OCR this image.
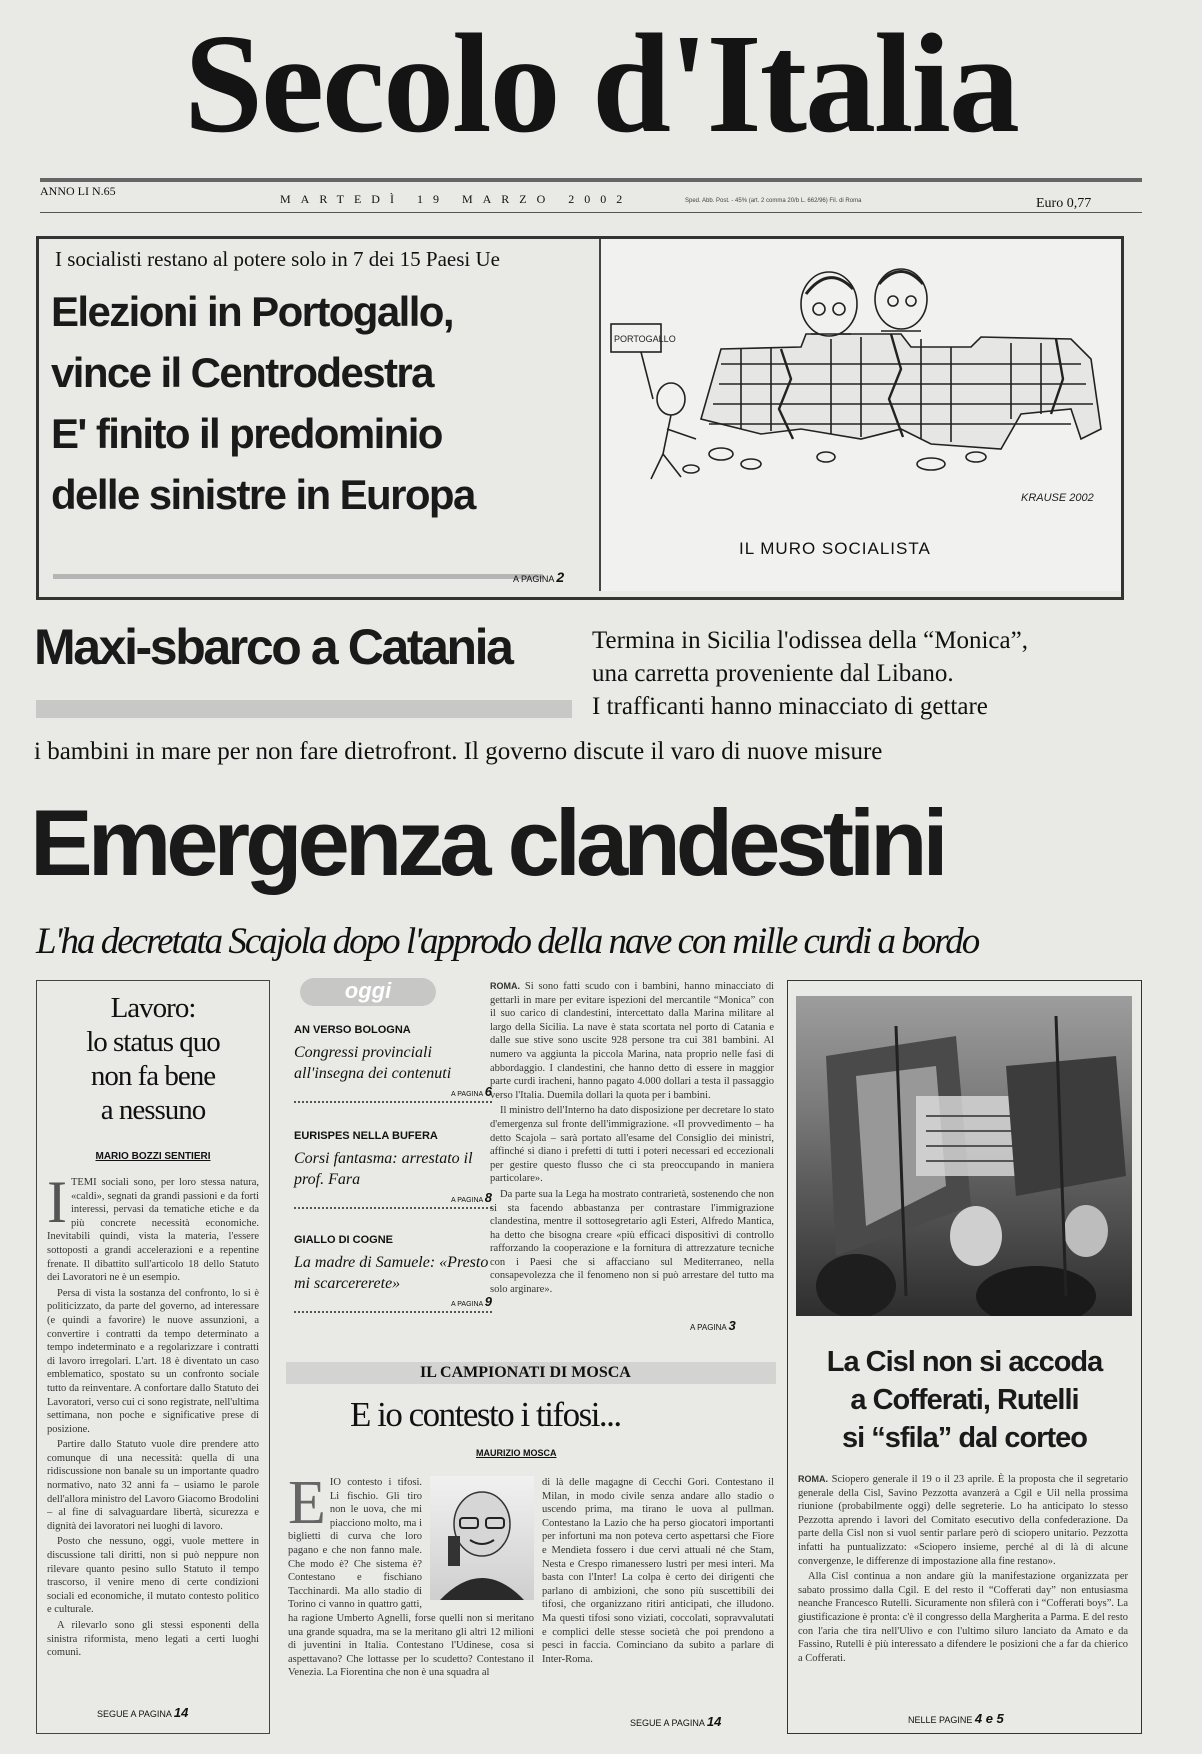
Secolo d'Italia
ANNO LI N.65
MARTEDÌ 19 MARZO 2002	Sped. Abb. Post. - 45% (art. 2 comma 20/b L. 662/96) Fil. di Roma	Euro 0,77
I socialisti restano al potere solo in 7 dei 15 Paesi Ue
Elezioni in Portogallo,
vince il Centrodestra
E' finito il predominio
delle sinistre in Europa
A PAGINA 2
PORTOGALLO
KRAUSE 2002
IL MURO SOCIALISTA
Maxi-sbarco a Catania	Termina in Sicilia l'odissea della “Monica”,
una carretta proveniente dal Libano.
I trafficanti hanno minacciato di gettare
i bambini in mare per non fare dietrofront. Il governo discute il varo di nuove misure
Emergenza clandestini
L'ha decretata Scajola dopo l'approdo della nave con mille curdi a bordo
Lavoro:
lo status quo
non fa bene
a nessuno
MARIO BOZZI SENTIERI
I TEMI sociali sono, per loro stessa natura, «caldi», segnati da grandi passioni e da forti interessi, pervasi da tematiche etiche e da più concrete necessità economiche. Inevitabili quindi, vista la materia, l'essere sottoposti a grandi accelerazioni e a repentine frenate. Il dibattito sull'articolo 18 dello Statuto dei Lavoratori ne è un esempio.

Persa di vista la sostanza del confronto, lo si è politicizzato, da parte del governo, ad interessare (e quindi a favorire) le nuove assunzioni, a convertire i contratti da tempo determinato a tempo indeterminato e a regolarizzare i contratti di lavoro irregolari. L'art. 18 è diventato un caso emblematico, spostato su un confronto sociale tutto da reinventare. A confortare dallo Statuto dei Lavoratori, verso cui ci sono registrate, nell'ultima settimana, non poche e significative prese di posizione.

Partire dallo Statuto vuole dire prendere atto comunque di una necessità: quella di una ridiscussione non banale su un importante quadro normativo, nato 32 anni fa – usiamo le parole dell'allora ministro del Lavoro Giacomo Brodolini – al fine di salvaguardare libertà, sicurezza e dignità dei lavoratori nei luoghi di lavoro.

Posto che nessuno, oggi, vuole mettere in discussione tali diritti, non si può neppure non rilevare quanto pesino sullo Statuto il tempo trascorso, il venire meno di certe condizioni sociali ed economiche, il mutato contesto politico e culturale.

A rilevarlo sono gli stessi esponenti della sinistra riformista, meno legati a certi luoghi comuni.

SEGUE A PAGINA 14
oggi
AN VERSO BOLOGNA
Congressi provinciali all'insegna dei contenuti
A PAGINA 6
EURISPES NELLA BUFERA
Corsi fantasma: arrestato il prof. Fara
A PAGINA 8
GIALLO DI COGNE
La madre di Samuele: «Presto mi scarcererete»
A PAGINA 9

ROMA. Si sono fatti scudo con i bambini, hanno minacciato di gettarli in mare per evitare ispezioni del mercantile “Monica” con il suo carico di clandestini, intercettato dalla Marina militare al largo della Sicilia. La nave è stata scortata nel porto di Catania e dalle sue stive sono uscite 928 persone tra cui 381 bambini. Al numero va aggiunta la piccola Marina, nata proprio nelle fasi di abbordaggio. I clandestini, che hanno detto di essere in maggior parte curdi iracheni, hanno pagato 4.000 dollari a testa il passaggio verso l'Italia. Duemila dollari la quota per i bambini.

Il ministro dell'Interno ha dato disposizione per decretare lo stato d'emergenza sul fronte dell'immigrazione. «Il provvedimento – ha detto Scajola – sarà portato all'esame del Consiglio dei ministri, affinché si diano i prefetti di tutti i poteri necessari ed eccezionali per gestire questo flusso che ci sta preoccupando in maniera particolare».

Da parte sua la Lega ha mostrato contrarietà, sostenendo che non si sta facendo abbastanza per contrastare l'immigrazione clandestina, mentre il sottosegretario agli Esteri, Alfredo Mantica, ha detto che bisogna creare «più efficaci dispositivi di controllo rafforzando la cooperazione e la fornitura di attrezzature tecniche con i Paesi che si affacciano sul Mediterraneo, nella consapevolezza che il fenomeno non si può arrestare del tutto ma solo arginare».

A PAGINA 3
La Cisl non si accoda
a Cofferati, Rutelli
si “sfila” dal corteo

ROMA. Sciopero generale il 19 o il 23 aprile. È la proposta che il segretario generale della Cisl, Savino Pezzotta avanzerà a Cgil e Uil nella prossima riunione (probabilmente oggi) delle segreterie. Lo ha anticipato lo stesso Pezzotta aprendo i lavori del Comitato esecutivo della confederazione. Da parte della Cisl non si vuol sentir parlare però di sciopero unitario. Pezzotta infatti ha puntualizzato: «Sciopero insieme, perché al di là di alcune convergenze, le differenze di impostazione alla fine restano».

Alla Cisl continua a non andare giù la manifestazione organizzata per sabato prossimo dalla Cgil. E del resto il “Cofferati day” non entusiasma neanche Francesco Rutelli. Sicuramente non sfilerà con i “Cofferati boys”. La giustificazione è pronta: c'è il congresso della Margherita a Parma. E del resto con l'aria che tira nell'Ulivo e con l'ultimo siluro lanciato da Amato e da Fassino, Rutelli è più interessato a difendere le posizioni che a far da chierico a Cofferati.

NELLE PAGINE 4 e 5
IL CAMPIONATI DI MOSCA
E io contesto i tifosi...
MAURIZIO MOSCA
E IO contesto i tifosi. Li fischio. Gli tiro non le uova, che mi piacciono molto, ma i biglietti di curva che loro pagano e che non fanno male. Che modo è? Che sistema è? Contestano e fischiano Tacchinardi. Ma allo stadio di Torino ci vanno in quattro gatti, ha ragione Umberto Agnelli, forse quelli non si meritano una grande squadra, ma se la meritano gli altri 12 milioni di juventini in Italia. Contestano l'Udinese, cosa si aspettavano? Che lottasse per lo scudetto? Contestano il Venezia. La Fiorentina che non è una squadra al

di là delle magagne di Cecchi Gori. Contestano il Milan, in modo civile senza andare allo stadio o uscendo prima, ma tirano le uova al pullman. Contestano la Lazio che ha perso giocatori importanti per infortuni ma non poteva certo aspettarsi che Fiore e Mendieta fossero i due cervi attuali né che Stam, Nesta e Crespo rimanessero lustri per mesi interi. Ma basta con l'Inter! La colpa è certo dei dirigenti che parlano di ambizioni, che sono più suscettibili dei tifosi, che organizzano ritiri anticipati, che illudono. Ma questi tifosi sono viziati, coccolati, sopravvalutati e complici delle stesse società che poi prendono a pesci in faccia. Cominciano da subito a parlare di Inter-Roma.

SEGUE A PAGINA 14
